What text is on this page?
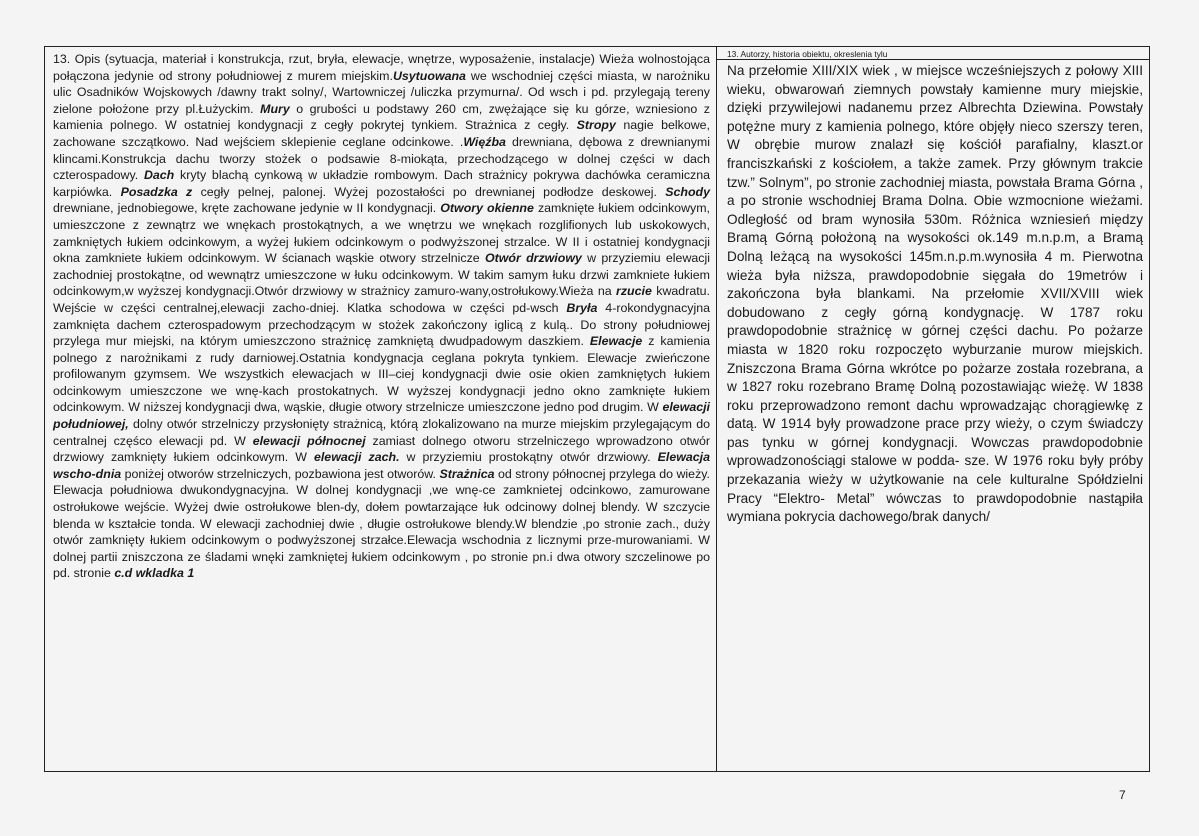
13. Opis (sytuacja, materiał i konstrukcja, rzut, bryła, elewacje, wnętrze, wyposażenie, instalacje) Wieża wolnostojąca połączona jedynie od strony południowej z murem miejskim.Usytuowana we wschodniej części miasta, w narożniku ulic Osadników Wojskowych /dawny trakt solny/, Wartowniczej /uliczka przymurna/. Od wsch i pd. przylegają tereny zielone położone przy pl.Łużyckim. Mury o grubości u podstawy 260 cm, zwężające się ku górze, wzniesiono z kamienia polnego. W ostatniej kondygnacji z cegły pokrytej tynkiem. Strażnica z cegły. Stropy nagie belkowe, zachowane szczątkowo. Nad wejściem sklepienie ceglane odcinkowe. .Więźba drewniana, dębowa z drewnianymi klincami.Konstrukcja dachu tworzy stożek o podsawie 8-miokąta, przechodzącego w dolnej części w dach czterospadowy. Dach kryty blachą cynkową w układzie rombowym. Dach strażnicy pokrywa dachówka ceramiczna karpiówka. Posadzka z cegły pelnej, palonej. Wyżej pozostałości po drewnianej podłodze deskowej. Schody drewniane, jednobiegowe, kręte zachowane jedynie w II kondygnacji. Otwory okienne zamknięte łukiem odcinkowym, umieszczone z zewnątrz we wnękach prostokątnych, a we wnętrzu we wnękach rozglifionych lub uskokowych, zamkniętych łukiem odcinkowym, a wyżej łukiem odcinkowym o podwyższonej strzalce. W II i ostatniej kondygnacji okna zamkniete łukiem odcinkowym. W ścianach wąskie otwory strzelnicze Otwór drzwiowy w przyziemiu elewacji zachodniej prostokątne, od wewnątrz umieszczone w łuku odcinkowym. W takim samym łuku drzwi zamkniete łukiem odcinkowym,w wyższej kondygnacji.Otwór drzwiowy w strażnicy zamuro-wany,ostrołukowy.Wieża na rzucie kwadratu. Wejście w części centralnej,elewacji zacho-dniej. Klatka schodowa w części pd-wsch Bryła 4-rokondygnacyjna zamknięta dachem czterospadowym przechodzącym w stożek zakończony iglicą z kulą.. Do strony południowej przylega mur miejski, na którym umieszczono strażnicę zamkniętą dwudpadowym daszkiem. Elewacje z kamienia polnego z narożnikami z rudy darniowej.Ostatnia kondygnacja ceglana pokryta tynkiem. Elewacje zwieńczone profilowanym gzymsem. We wszystkich elewacjach w III–ciej kondygnacji dwie osie okien zamkniętych łukiem odcinkowym umieszczone we wnę-kach prostokatnych. W wyższej kondygnacji jedno okno zamknięte łukiem odcinkowym. W niższej kondygnacji dwa, wąskie, długie otwory strzelnicze umieszczone jedno pod drugim. W elewacji południowej, dolny otwór strzelniczy przysłonięty strażnicą, którą zlokalizowano na murze miejskim przylegającym do centralnej częśco elewacji pd. W elewacji północnej zamiast dolnego otworu strzelniczego wprowadzono otwór drzwiowy zamknięty łukiem odcinkowym. W elewacji zach. w przyziemiu prostokątny otwór drzwiowy. Elewacja wscho-dnia poniżej otworów strzelniczych, pozbawiona jest otworów. Strażnica od strony północnej przylega do wieży. Elewacja południowa dwukondygnacyjna. W dolnej kondygnacji ,we wnę-ce zamknietej odcinkowo, zamurowane ostrołukowe wejście. Wyżej dwie ostrołukowe blen-dy, dołem powtarzające łuk odcinowy dolnej blendy. W szczycie blenda w kształcie tonda. W elewacji zachodniej dwie , długie ostrołukowe blendy.W blendzie ,po stronie zach., duży otwór zamknięty łukiem odcinkowym o podwyższonej strzałce.Elewacja wschodnia z licznymi prze-murowaniami. W dolnej partii zniszczona ze śladami wnęki zamkniętej łukiem odcinkowym , po stronie pn.i dwa otwory szczelinowe po pd. stronie c.d wkladka 1
13. Autorzy, historia obiektu, okreslenia tylu
Na przełomie XIII/XIX wiek , w miejsce wcześniejszych z połowy XIII wieku, obwarowań ziemnych powstały kamienne mury miejskie, dzięki przywilejowi nadanemu przez Albrechta Dziewina. Powstały potężne mury z kamienia polnego, które objęły nieco szerszy teren, W obrębie murow znalazł się kościół parafialny, klaszt.or franciszkański z kościołem, a także zamek. Przy głównym trakcie tzw.” Solnym”, po stronie zachodniej miasta, powstała Brama Górna , a po stronie wschodniej Brama Dolna. Obie wzmocnione wieżami. Odległość od bram wynosiła 530m. Różnica wzniesień między Bramą Górną położoną na wysokości ok.149 m.n.p.m, a Bramą Dolną leżącą na wysokości 145m.n.p.m.wynosiła 4 m. Pierwotna wieża była niższa, prawdopodobnie sięgała do 19metrów i zakończona była blankami. Na przełomie XVII/XVIII wiek dobudowano z cegły górną kondygnację. W 1787 roku prawdopodobnie strażnicę w górnej części dachu. Po pożarze miasta w 1820 roku rozpoczęto wyburzanie murow miejskich. Zniszczona Brama Górna wkrótce po pożarze została rozebrana, a w 1827 roku rozebrano Bramę Dolną pozostawiając wieżę. W 1838 roku przeprowadzono remont dachu wprowadzając chorągiewkę z datą. W 1914 były prowadzone prace przy wieży, o czym świadczy pas tynku w górnej kondygnacji. Wowczas prawdopodobnie wprowadzonościągi stalowe w podda- sze. W 1976 roku były próby przekazania wieży w użytkowanie na cele kulturalne Spółdzielni Pracy “Elektro- Metal” wówczas to prawdopodobnie nastąpiła wymiana pokrycia dachowego/brak danych/
7
